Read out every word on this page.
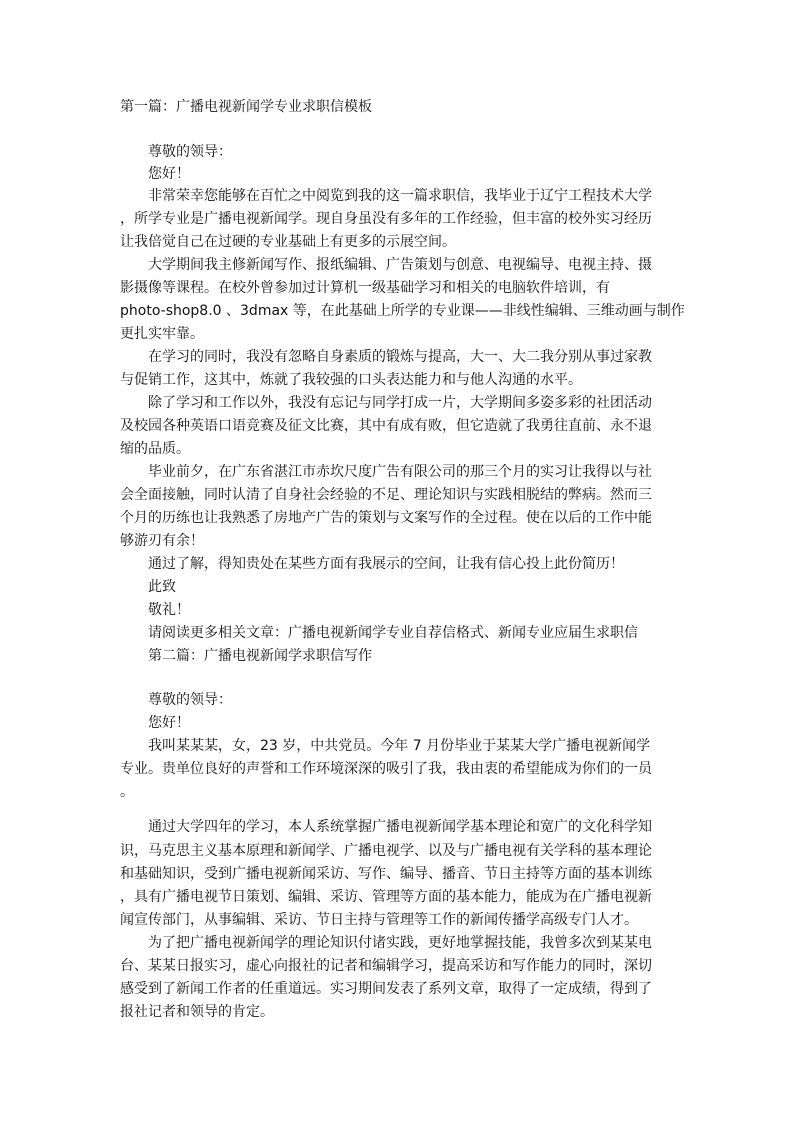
第一篇：广播电视新闻学专业求职信模板
尊敬的领导：
您好！
非常荣幸您能够在百忙之中阅览到我的这一篇求职信，我毕业于辽宁工程技术大学
，所学专业是广播电视新闻学。现自身虽没有多年的工作经验，但丰富的校外实习经历
让我倍觉自己在过硬的专业基础上有更多的示展空间。
大学期间我主修新闻写作、报纸编辑、广告策划与创意、电视编导、电视主持、摄
影摄像等课程。在校外曾参加过计算机一级基础学习和相关的电脑软件培训，有
photo-shop8.0 、3dmax 等，在此基础上所学的专业课——非线性编辑、三维动画与制作
更扎实牢靠。
在学习的同时，我没有忽略自身素质的锻炼与提高，大一、大二我分别从事过家教
与促销工作，这其中，炼就了我较强的口头表达能力和与他人沟通的水平。
除了学习和工作以外，我没有忘记与同学打成一片，大学期间多姿多彩的社团活动
及校园各种英语口语竞赛及征文比赛，其中有成有败，但它造就了我勇往直前、永不退
缩的品质。
毕业前夕，在广东省湛江市赤坎尺度广告有限公司的那三个月的实习让我得以与社
会全面接触，同时认清了自身社会经验的不足、理论知识与实践相脱结的弊病。然而三
个月的历练也让我熟悉了房地产广告的策划与文案写作的全过程。使在以后的工作中能
够游刃有余！
通过了解，得知贵处在某些方面有我展示的空间，让我有信心投上此份简历！
此致
敬礼！
请阅读更多相关文章：广播电视新闻学专业自荐信格式、新闻专业应届生求职信
第二篇：广播电视新闻学求职信写作
尊敬的领导：
您好！
我叫某某某，女，23 岁，中共党员。今年 7 月份毕业于某某大学广播电视新闻学
专业。贵单位良好的声誉和工作环境深深的吸引了我，我由衷的希望能成为你们的一员
。
通过大学四年的学习，本人系统掌握广播电视新闻学基本理论和宽广的文化科学知
识，马克思主义基本原理和新闻学、广播电视学、以及与广播电视有关学科的基本理论
和基础知识，受到广播电视新闻采访、写作、编导、播音、节日主持等方面的基本训练
，具有广播电视节日策划、编辑、采访、管理等方面的基本能力，能成为在广播电视新
闻宣传部门，从事编辑、采访、节日主持与管理等工作的新闻传播学高级专门人才。
为了把广播电视新闻学的理论知识付诸实践，更好地掌握技能，我曾多次到某某电
台、某某日报实习，虚心向报社的记者和编辑学习，提高采访和写作能力的同时，深切
感受到了新闻工作者的任重道远。实习期间发表了系列文章，取得了一定成绩，得到了
报社记者和领导的肯定。
